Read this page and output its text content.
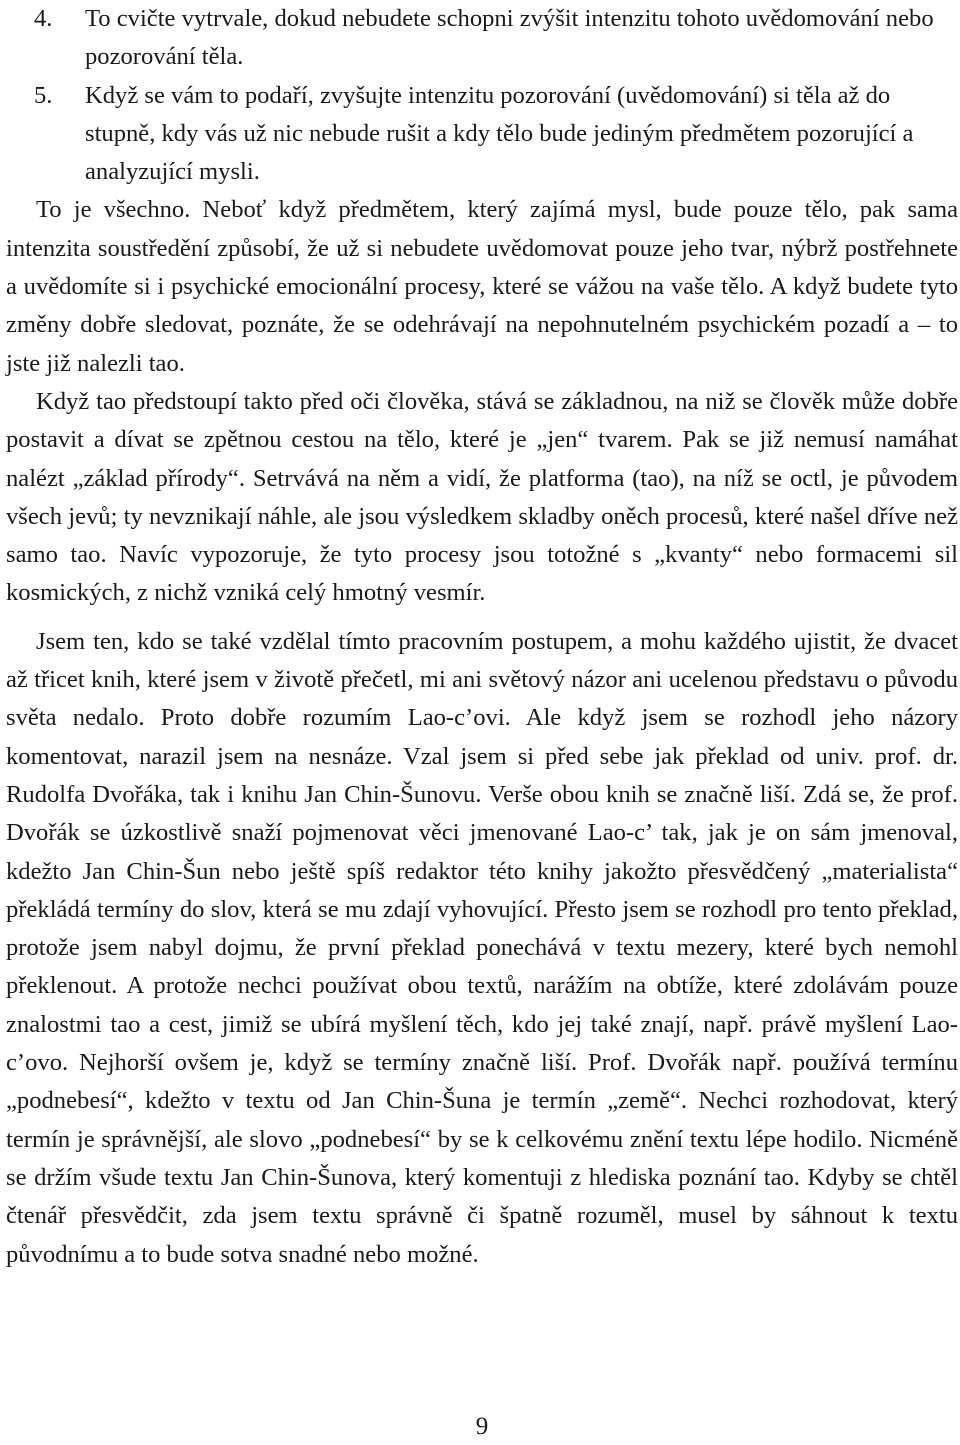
4. To cvičte vytrvale, dokud nebudete schopni zvýšit intenzitu tohoto uvědomování nebo pozorování těla.
5. Když se vám to podaří, zvyšujte intenzitu pozorování (uvědomování) si těla až do stupně, kdy vás už nic nebude rušit a kdy tělo bude jediným předmětem pozorující a analyzující mysli.

To je všechno. Neboť když předmětem, který zajímá mysl, bude pouze tělo, pak sama intenzita soustředění způsobí, že už si nebudete uvědomovat pouze jeho tvar, nýbrž postřehnete a uvědomíte si i psychické emocionální procesy, které se vážou na vaše tělo. A když budete tyto změny dobře sledovat, poznáte, že se odehrávají na nepohnutelném psychickém pozadí a – to jste již nalezli tao.

Když tao předstoupí takto před oči člověka, stává se základnou, na niž se člověk může dobře postavit a dívat se zpětnou cestou na tělo, které je „jen“ tvarem. Pak se již nemusí namáhat nalézt „základ přírody“. Setrvává na něm a vidí, že platforma (tao), na níž se octl, je původem všech jevů; ty nevznikají náhle, ale jsou výsledkem skladby oněch procesů, které našel dříve než samo tao. Navíc vypozoruje, že tyto procesy jsou totožné s „kvanty“ nebo formacemi sil kosmických, z nichž vzniká celý hmotný vesmír.

Jsem ten, kdo se také vzdělal tímto pracovním postupem, a mohu každého ujistit, že dvacet až třicet knih, které jsem v životě přečetl, mi ani světový názor ani ucelenou představu o původu světa nedalo. Proto dobře rozumím Lao-c’ovi. Ale když jsem se rozhodl jeho názory komentovat, narazil jsem na nesnáze. Vzal jsem si před sebe jak překlad od univ. prof. dr. Rudolfa Dvořáka, tak i knihu Jan Chin-Šunovu. Verše obou knih se značně liší. Zdá se, že prof. Dvořák se úzkostlivě snaží pojmenovat věci jmenované Lao-c’ tak, jak je on sám jmenoval, kdežto Jan Chin-Šun nebo ještě spíš redaktor této knihy jakožto přesvědčený „materialista“ překládá termíny do slov, která se mu zdají vyhovující. Přesto jsem se rozhodl pro tento překlad, protože jsem nabyl dojmu, že první překlad ponechává v textu mezery, které bych nemohl překlenout. A protože nechci používat obou textů, narážím na obtíže, které zdolávám pouze znalostmi tao a cest, jimiž se ubírá myšlení těch, kdo jej také znají, např. právě myšlení Lao-c’ovo. Nejhorší ovšem je, když se termíny značně liší. Prof. Dvořák např. používá termínu „podnebesí“, kdežto v textu od Jan Chin-Šuna je termín „země“. Nechci rozhodovat, který termín je správnější, ale slovo „podnebesí“ by se k celkovému znění textu lépe hodilo. Nicméně se držím všude textu Jan Chin-Šunova, který komentuji z hlediska poznání tao. Kdyby se chtěl čtenář přesvědčit, zda jsem textu správně či špatně rozuměl, musel by sáhnout k textu původnímu a to bude sotva snadné nebo možné.

9
